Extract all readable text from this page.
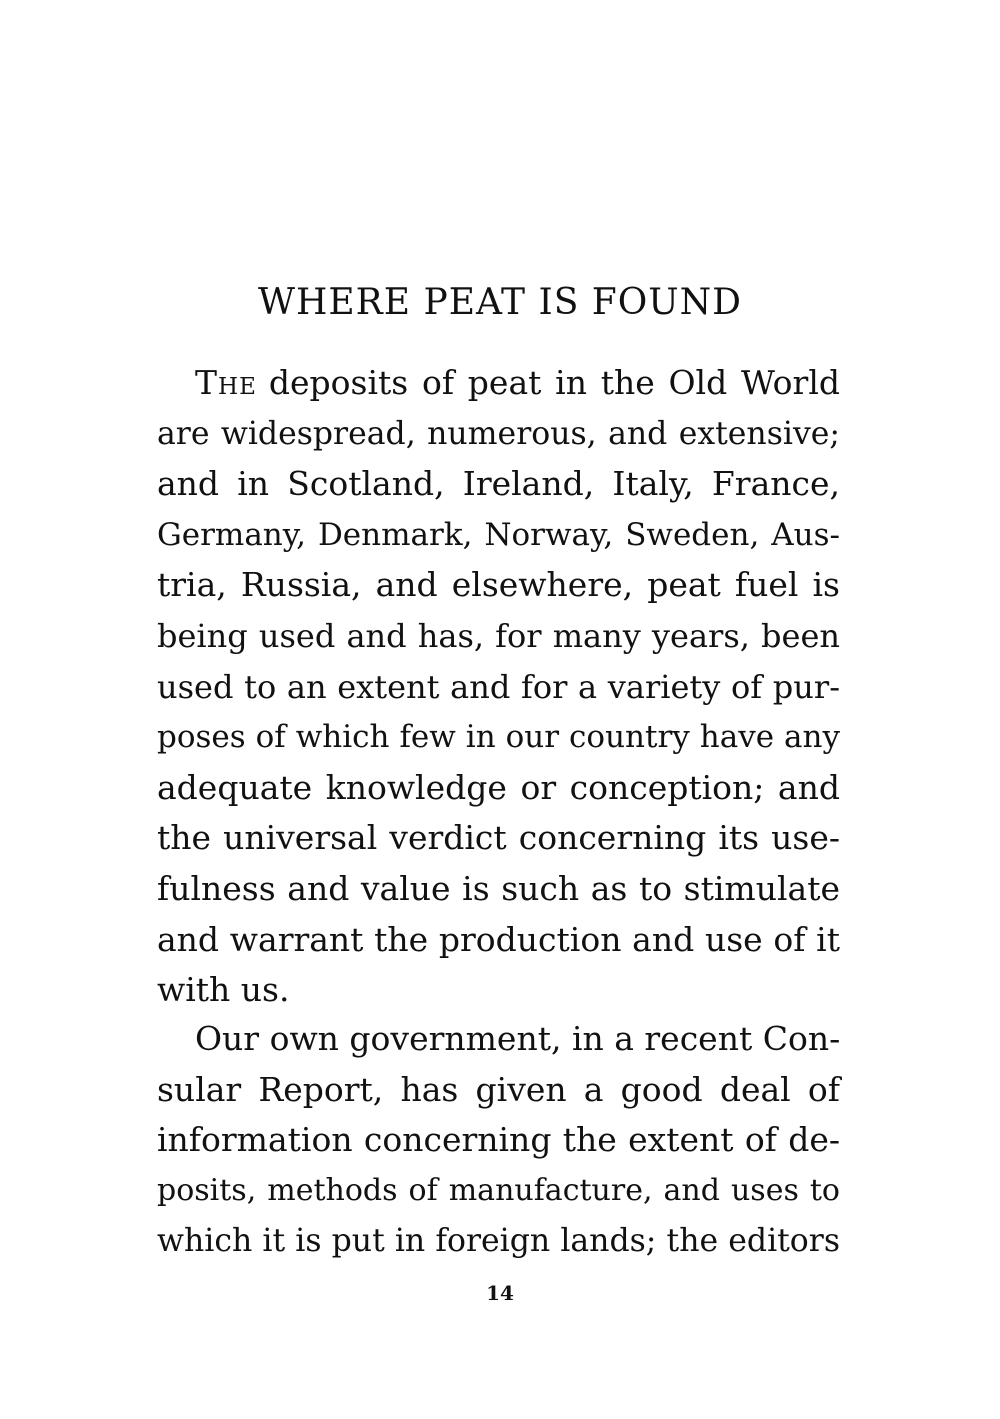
WHERE PEAT IS FOUND
The deposits of peat in the Old World
are widespread, numerous, and extensive;
and in Scotland, Ireland, Italy, France,
Germany, Denmark, Norway, Sweden, Aus-
tria, Russia, and elsewhere, peat fuel is
being used and has, for many years, been
used to an extent and for a variety of pur-
poses of which few in our country have any
adequate knowledge or conception; and
the universal verdict concerning its use-
fulness and value is such as to stimulate
and warrant the production and use of it
with us.
Our own government, in a recent Con-
sular Report, has given a good deal of
information concerning the extent of de-
posits, methods of manufacture, and uses to
which it is put in foreign lands; the editors
14
